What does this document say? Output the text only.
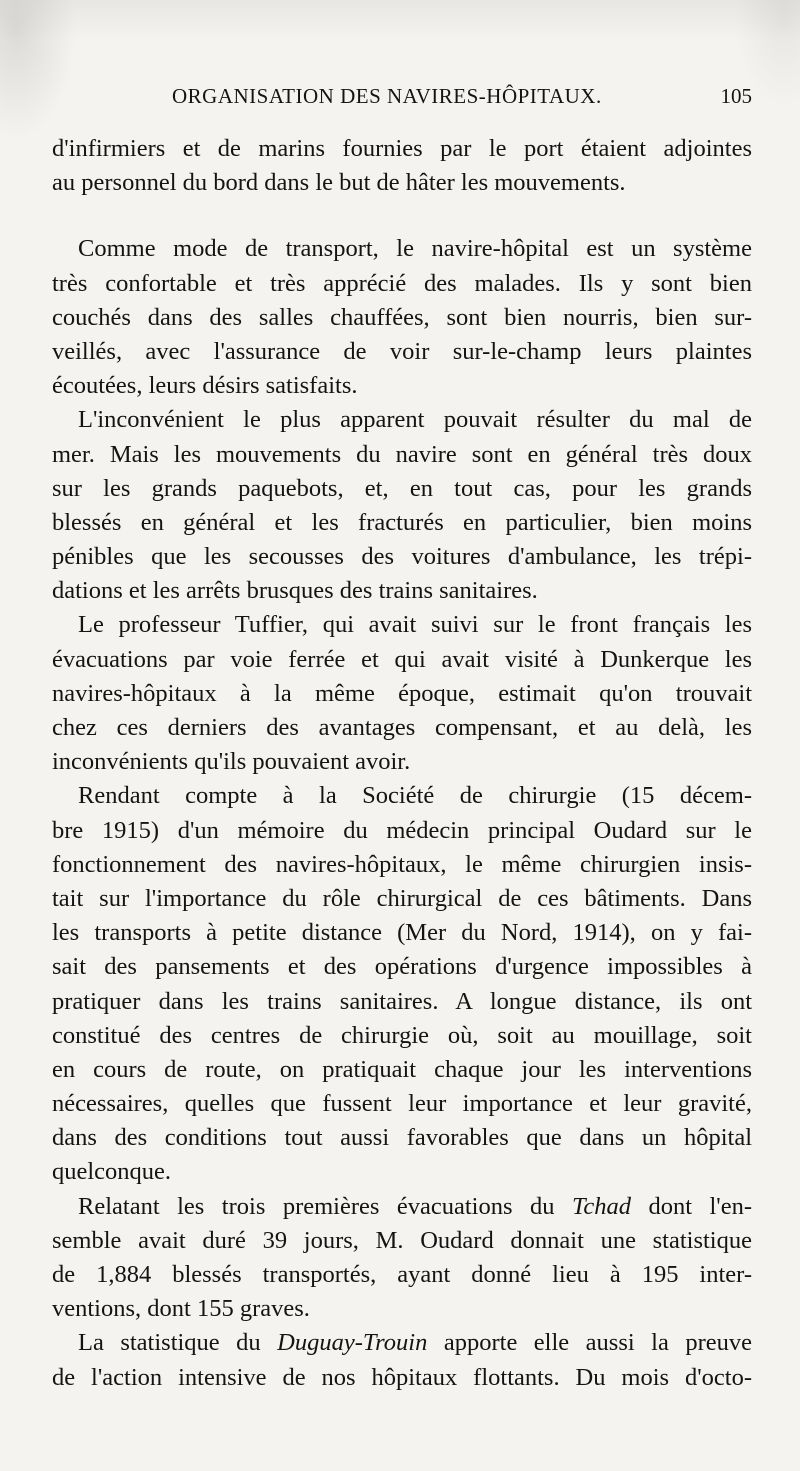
ORGANISATION DES NAVIRES-HÔPITAUX.	105
d'infirmiers et de marins fournies par le port étaient adjointes
au personnel du bord dans le but de hâter les mouvements.
Comme mode de transport, le navire-hôpital est un système
très confortable et très apprécié des malades. Ils y sont bien
couchés dans des salles chauffées, sont bien nourris, bien sur-
veillés, avec l'assurance de voir sur-le-champ leurs plaintes
écoutées, leurs désirs satisfaits.
L'inconvénient le plus apparent pouvait résulter du mal de
mer. Mais les mouvements du navire sont en général très doux
sur les grands paquebots, et, en tout cas, pour les grands
blessés en général et les fracturés en particulier, bien moins
pénibles que les secousses des voitures d'ambulance, les trépi-
dations et les arrêts brusques des trains sanitaires.
Le professeur Tuffier, qui avait suivi sur le front français les
évacuations par voie ferrée et qui avait visité à Dunkerque les
navires-hôpitaux à la même époque, estimait qu'on trouvait
chez ces derniers des avantages compensant, et au delà, les
inconvénients qu'ils pouvaient avoir.
Rendant compte à la Société de chirurgie (15 décem-
bre 1915) d'un mémoire du médecin principal Oudard sur le
fonctionnement des navires-hôpitaux, le même chirurgien insis-
tait sur l'importance du rôle chirurgical de ces bâtiments. Dans
les transports à petite distance (Mer du Nord, 1914), on y fai-
sait des pansements et des opérations d'urgence impossibles à
pratiquer dans les trains sanitaires. A longue distance, ils ont
constitué des centres de chirurgie où, soit au mouillage, soit
en cours de route, on pratiquait chaque jour les interventions
nécessaires, quelles que fussent leur importance et leur gravité,
dans des conditions tout aussi favorables que dans un hôpital
quelconque.
Relatant les trois premières évacuations du Tchad dont l'en-
semble avait duré 39 jours, M. Oudard donnait une statistique
de 1,884 blessés transportés, ayant donné lieu à 195 inter-
ventions, dont 155 graves.
La statistique du Duguay-Trouin apporte elle aussi la preuve
de l'action intensive de nos hôpitaux flottants. Du mois d'octo-
